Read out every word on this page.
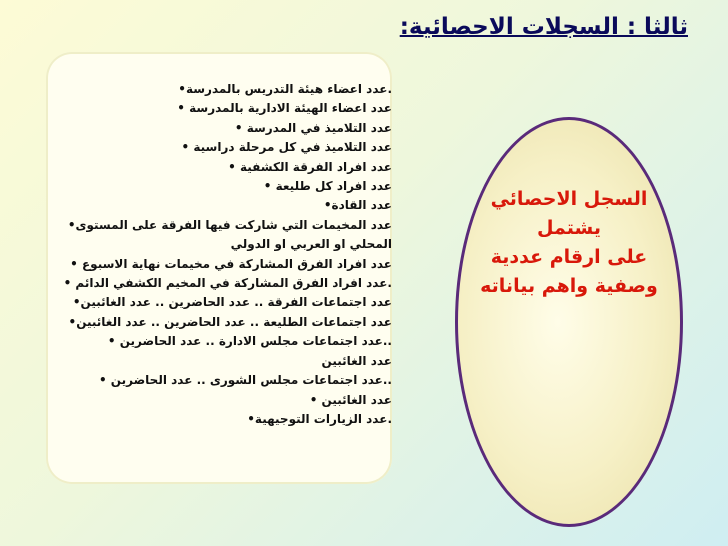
ثالثا : السجلات الاحصائية:
.عدد اعضاء هيئة التدريس بالمدرسة•
عدد اعضاء الهيئة الادارية بالمدرسة •
عدد التلاميذ في المدرسة •
عدد التلاميذ في كل مرحلة دراسية •
عدد افراد الفرقة الكشفية •
عدد افراد كل طليعة •
عدد القادة•
عدد المخيمات التي شاركت فيها الفرقة على المستوى•
المحلي او العربي او الدولي
عدد افراد الفرق المشاركة في مخيمات نهاية الاسبوع •
.عدد افراد الفرق المشاركة في المخيم الكشفي الدائم •
عدد اجتماعات الفرقة .. عدد الحاضرين .. عدد الغائبين•
عدد اجتماعات الطليعة .. عدد الحاضرين .. عدد الغائبين•
..عدد اجتماعات مجلس الادارة .. عدد الحاضرين •
عدد الغائبين
..عدد اجتماعات مجلس الشورى .. عدد الحاضرين •
عدد الغائبين •
.عدد الزيارات التوجيهية•
السجل الاحصائي
يشتمل
على ارقام عددية
وصفية واهم بياناته
